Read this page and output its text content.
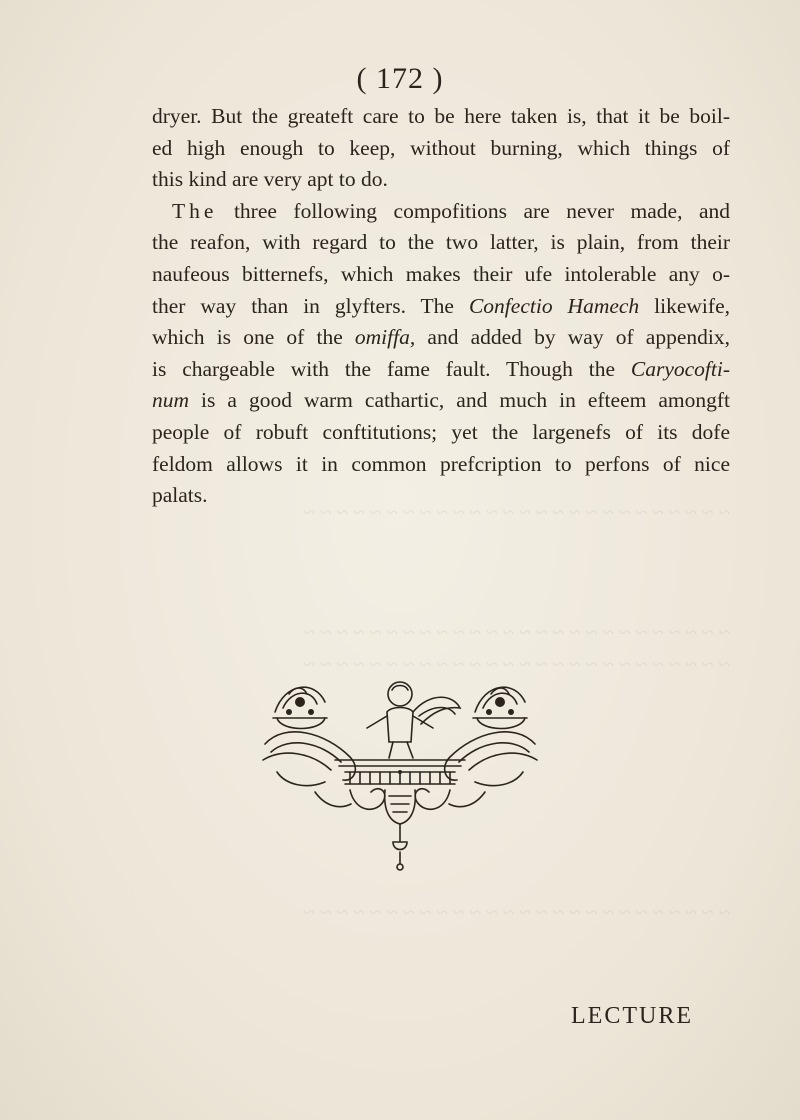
~ ~ ~ ~ ~ ~ ~ ~ ~ ~ ~ ~ ~ ~ ~ ~ ~ ~ ~ ~ ~ ~ ~ ~ ~ ~
~ ~ ~ ~ ~ ~ ~ ~ ~ ~ ~ ~ ~ ~ ~ ~ ~ ~ ~ ~ ~ ~ ~ ~ ~ ~
~ ~ ~ ~ ~ ~ ~ ~ ~ ~ ~ ~ ~ ~ ~ ~ ~ ~ ~ ~ ~ ~ ~ ~ ~ ~
~ ~ ~ ~ ~ ~ ~ ~ ~ ~ ~ ~ ~ ~ ~ ~ ~ ~ ~ ~ ~ ~ ~ ~ ~ ~
( 172 )
dryer. But the greateft care to be here taken is, that it be boil-
ed high enough to keep, without burning, which things of
this kind are very apt to do.
The three following compofitions are never made, and
the reafon, with regard to the two latter, is plain, from their
naufeous bitternefs, which makes their ufe intolerable any o-
ther way than in glyfters. The Confectio Hamech likewife,
which is one of the omiffa, and added by way of appendix,
is chargeable with the fame fault. Though the Caryocofti-
num is a good warm cathartic, and much in efteem amongft
people of robuft conftitutions; yet the largenefs of its dofe
feldom allows it in common prefcription to perfons of nice
palats.
LECTURE
